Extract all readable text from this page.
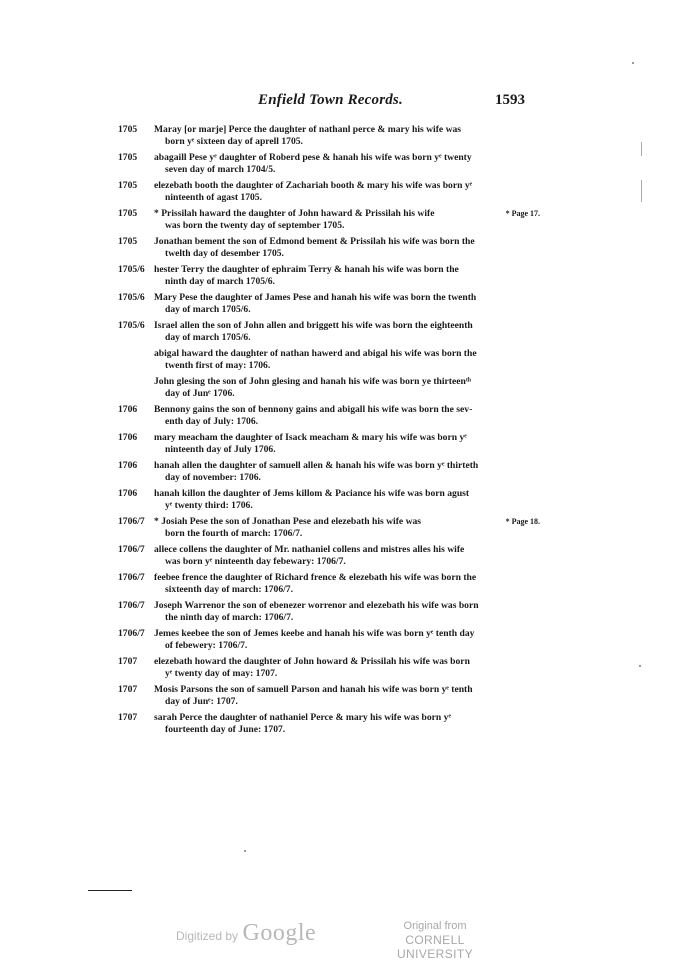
Enfield Town Records.	1593
1705 Maray [or marje] Perce the daughter of nathanl perce & mary his wife was
born yᵉ sixteen day of aprell 1705.
1705 abagaill Pese yᵉ daughter of Roberd pese & hanah his wife was born yᵉ twenty
seven day of march 1704/5.
1705 elezebath booth the daughter of Zachariah booth & mary his wife was born yᵉ
ninteenth of agast 1705.
1705 * Prissilah haward the daughter of John haward & Prissilah his wife
was born the twenty day of september 1705.
* Page 17.
1705 Jonathan bement the son of Edmond bement & Prissilah his wife was born the
twelth day of desember 1705.
1705/6 hester Terry the daughter of ephraim Terry & hanah his wife was born the
ninth day of march 1705/6.
1705/6 Mary Pese the daughter of James Pese and hanah his wife was born the twenth
day of march 1705/6.
1705/6 Israel allen the son of John allen and briggett his wife was born the eighteenth
day of march 1705/6.
abigal haward the daughter of nathan hawerd and abigal his wife was born the
twenth first of may: 1706.
John glesing the son of John glesing and hanah his wife was born ye thirteenᵗʰ
day of Junᵉ 1706.
1706 Bennony gains the son of bennony gains and abigall his wife was born the sev-
enth day of July: 1706.
1706 mary meacham the daughter of Isack meacham & mary his wife was born yᵉ
ninteenth day of July 1706.
1706 hanah allen the daughter of samuell allen & hanah his wife was born yᵉ thirteth
day of november: 1706.
1706 hanah killon the daughter of Jems killom & Paciance his wife was born agust
yᵉ twenty third: 1706.
1706/7 * Josiah Pese the son of Jonathan Pese and elezebath his wife was
born the fourth of march: 1706/7.
* Page 18.
1706/7 allece collens the daughter of Mr. nathaniel collens and mistres alles his wife
was born yᵉ ninteenth day febewary: 1706/7.
1706/7 feebee frence the daughter of Richard frence & elezebath his wife was born the
sixteenth day of march: 1706/7.
1706/7 Joseph Warrenor the son of ebenezer worrenor and elezebath his wife was born
the ninth day of march: 1706/7.
1706/7 Jemes keebee the son of Jemes keebe and hanah his wife was born yᵉ tenth day
of febewery: 1706/7.
1707 elezebath howard the daughter of John howard & Prissilah his wife was born
yᵉ twenty day of may: 1707.
1707 Mosis Parsons the son of samuell Parson and hanah his wife was born yᵉ tenth
day of Junᵉ: 1707.
1707 sarah Perce the daughter of nathaniel Perce & mary his wife was born yᵉ
fourteenth day of June: 1707.
Digitized by Google	Original from
CORNELL UNIVERSITY
